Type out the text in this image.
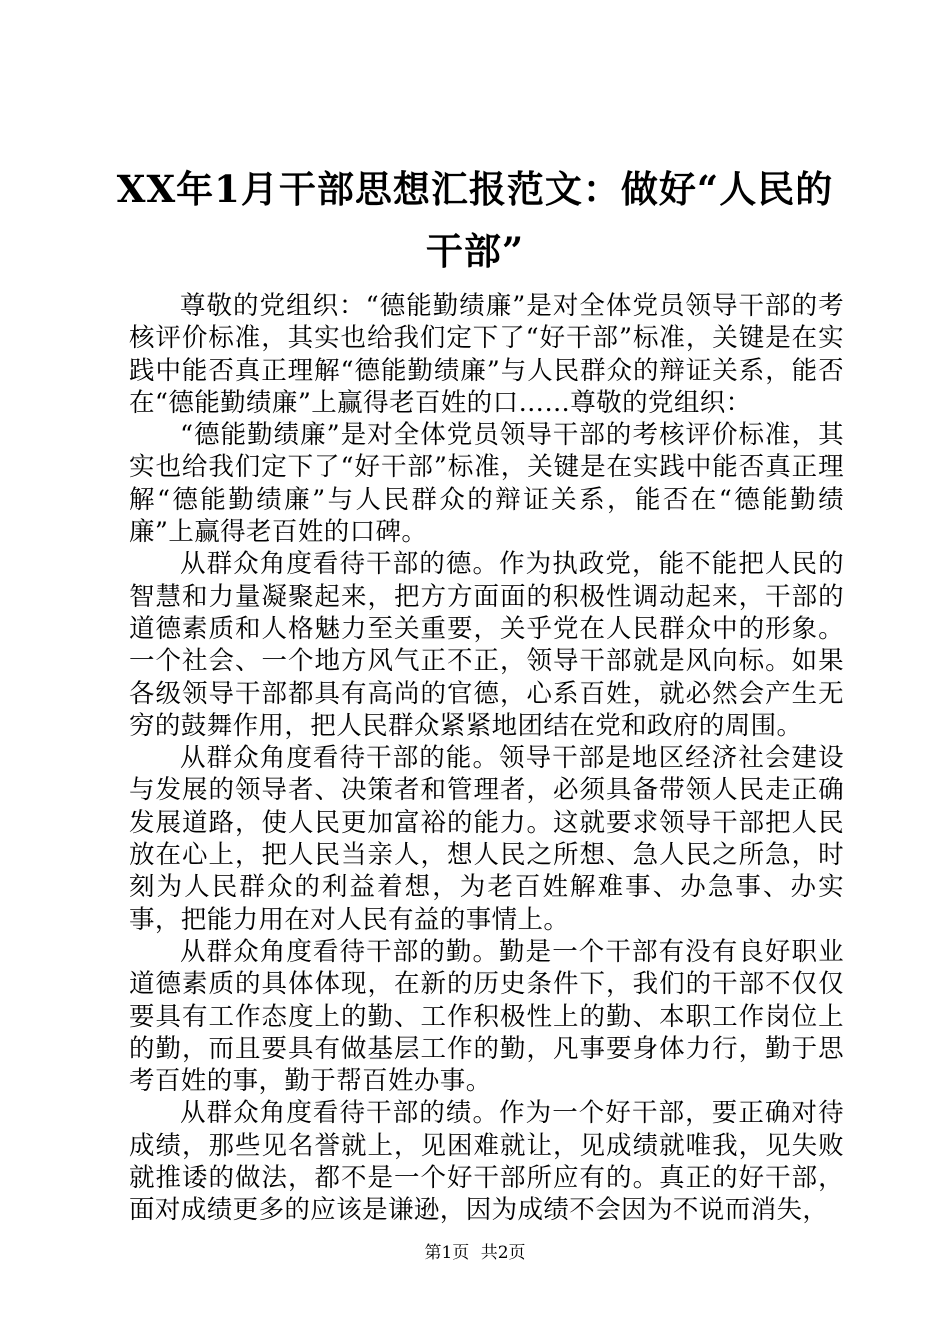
XX年1月干部思想汇报范文：做好“人民的干部”

尊敬的党组织：“德能勤绩廉”是对全体党员领导干部的考核评价标准，其实也给我们定下了“好干部”标准，关键是在实践中能否真正理解“德能勤绩廉”与人民群众的辩证关系，能否在“德能勤绩廉”上赢得老百姓的口……尊敬的党组织：

“德能勤绩廉”是对全体党员领导干部的考核评价标准，其实也给我们定下了“好干部”标准，关键是在实践中能否真正理解“德能勤绩廉”与人民群众的辩证关系，能否在“德能勤绩廉”上赢得老百姓的口碑。

从群众角度看待干部的德。作为执政党，能不能把人民的智慧和力量凝聚起来，把方方面面的积极性调动起来，干部的道德素质和人格魅力至关重要，关乎党在人民群众中的形象。一个社会、一个地方风气正不正，领导干部就是风向标。如果各级领导干部都具有高尚的官德，心系百姓，就必然会产生无穷的鼓舞作用，把人民群众紧紧地团结在党和政府的周围。

从群众角度看待干部的能。领导干部是地区经济社会建设与发展的领导者、决策者和管理者，必须具备带领人民走正确发展道路，使人民更加富裕的能力。这就要求领导干部把人民放在心上，把人民当亲人，想人民之所想、急人民之所急，时刻为人民群众的利益着想，为老百姓解难事、办急事、办实事，把能力用在对人民有益的事情上。

从群众角度看待干部的勤。勤是一个干部有没有良好职业道德素质的具体体现，在新的历史条件下，我们的干部不仅仅要具有工作态度上的勤、工作积极性上的勤、本职工作岗位上的勤，而且要具有做基层工作的勤，凡事要身体力行，勤于思考百姓的事，勤于帮百姓办事。

从群众角度看待干部的绩。作为一个好干部，要正确对待成绩，那些见名誉就上，见困难就让，见成绩就唯我，见失败就推诿的做法，都不是一个好干部所应有的。真正的好干部，面对成绩更多的应该是谦逊，因为成绩不会因为不说而消失，

第1页 共2页
